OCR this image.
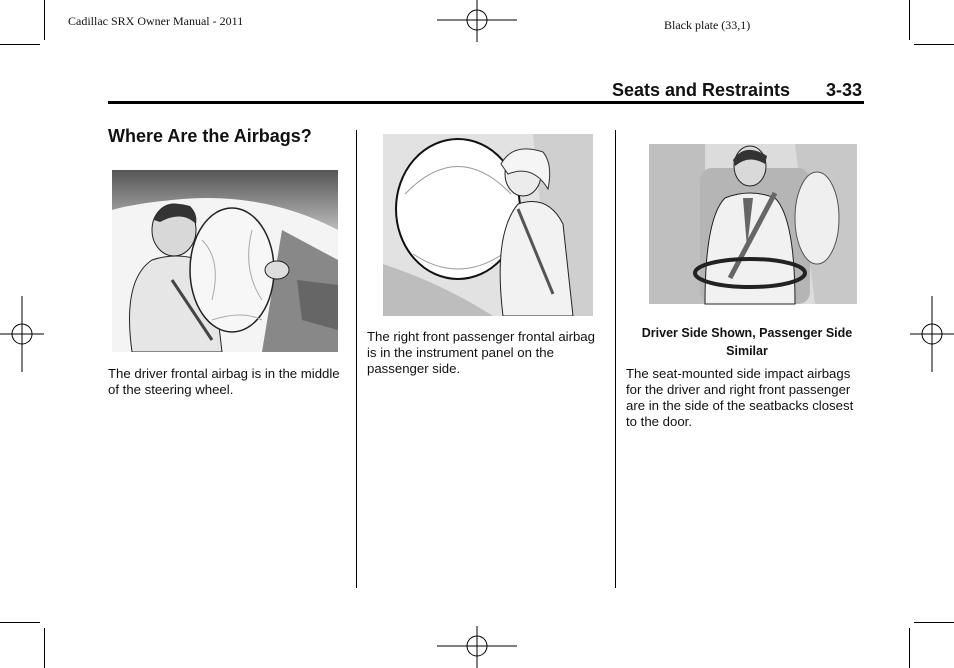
Cadillac SRX Owner Manual - 2011	Black plate (33,1)
Seats and Restraints 3-33
Where Are the Airbags?
The driver frontal airbag is in the middle of the steering wheel.
The right front passenger frontal airbag is in the instrument panel on the passenger side.
Driver Side Shown, Passenger Side Similar
The seat-mounted side impact airbags for the driver and right front passenger are in the side of the seatbacks closest to the door.
